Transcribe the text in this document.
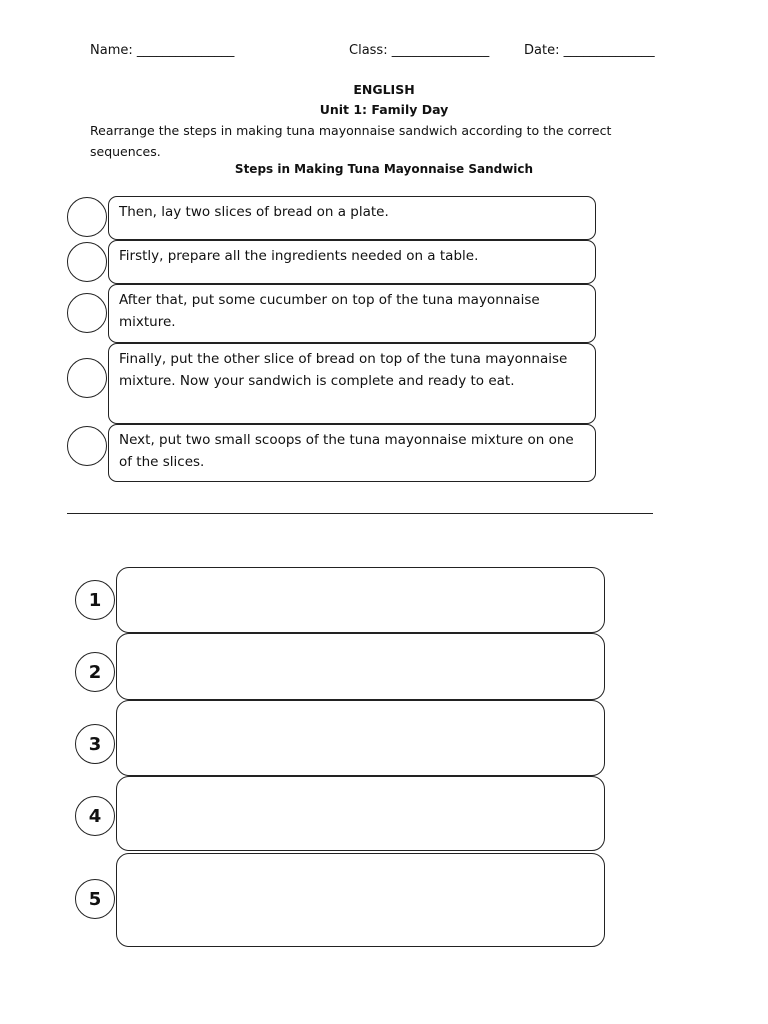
Name: _______________	Class: _______________	Date: ______________
ENGLISH
Unit 1: Family Day
Rearrange the steps in making tuna mayonnaise sandwich according to the correct sequences.
Steps in Making Tuna Mayonnaise Sandwich
Then, lay two slices of bread on a plate.
Firstly, prepare all the ingredients needed on a table.
After that, put some cucumber on top of the tuna mayonnaise mixture.
Finally, put the other slice of bread on top of the tuna mayonnaise mixture. Now your sandwich is complete and ready to eat.
Next, put two small scoops of the tuna mayonnaise mixture on one of the slices.
1
2
3
4
5
